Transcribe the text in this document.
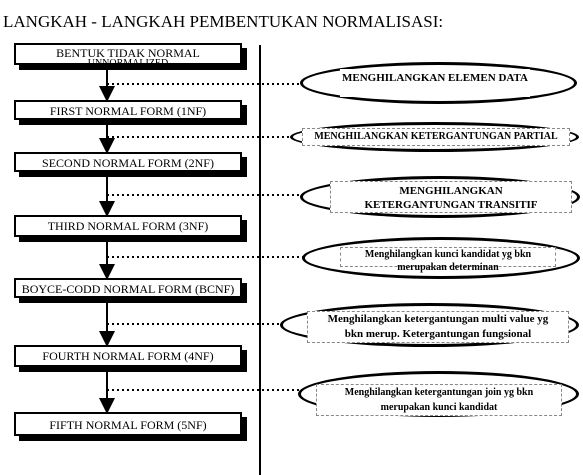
LANGKAH - LANGKAH PEMBENTUKAN NORMALISASI:
BENTUK TIDAK NORMAL
UNNORMALIZED
FIRST NORMAL FORM (1NF)
SECOND NORMAL FORM (2NF)
THIRD NORMAL FORM (3NF)
BOYCE-CODD NORMAL FORM (BCNF)
FOURTH NORMAL FORM (4NF)
FIFTH NORMAL FORM (5NF)
MENGHILANGKAN ELEMEN DATA
MENGHILANGKAN KETERGANTUNGAN PARTIAL
MENGHILANGKAN
KETERGANTUNGAN TRANSITIF
Menghilangkan kunci kandidat yg bkn
merupakan determinan
Menghilangkan ketergantungan multi value yg
bkn merup. Ketergantungan fungsional
Menghilangkan ketergantungan join yg bkn
merupakan kunci kandidat
